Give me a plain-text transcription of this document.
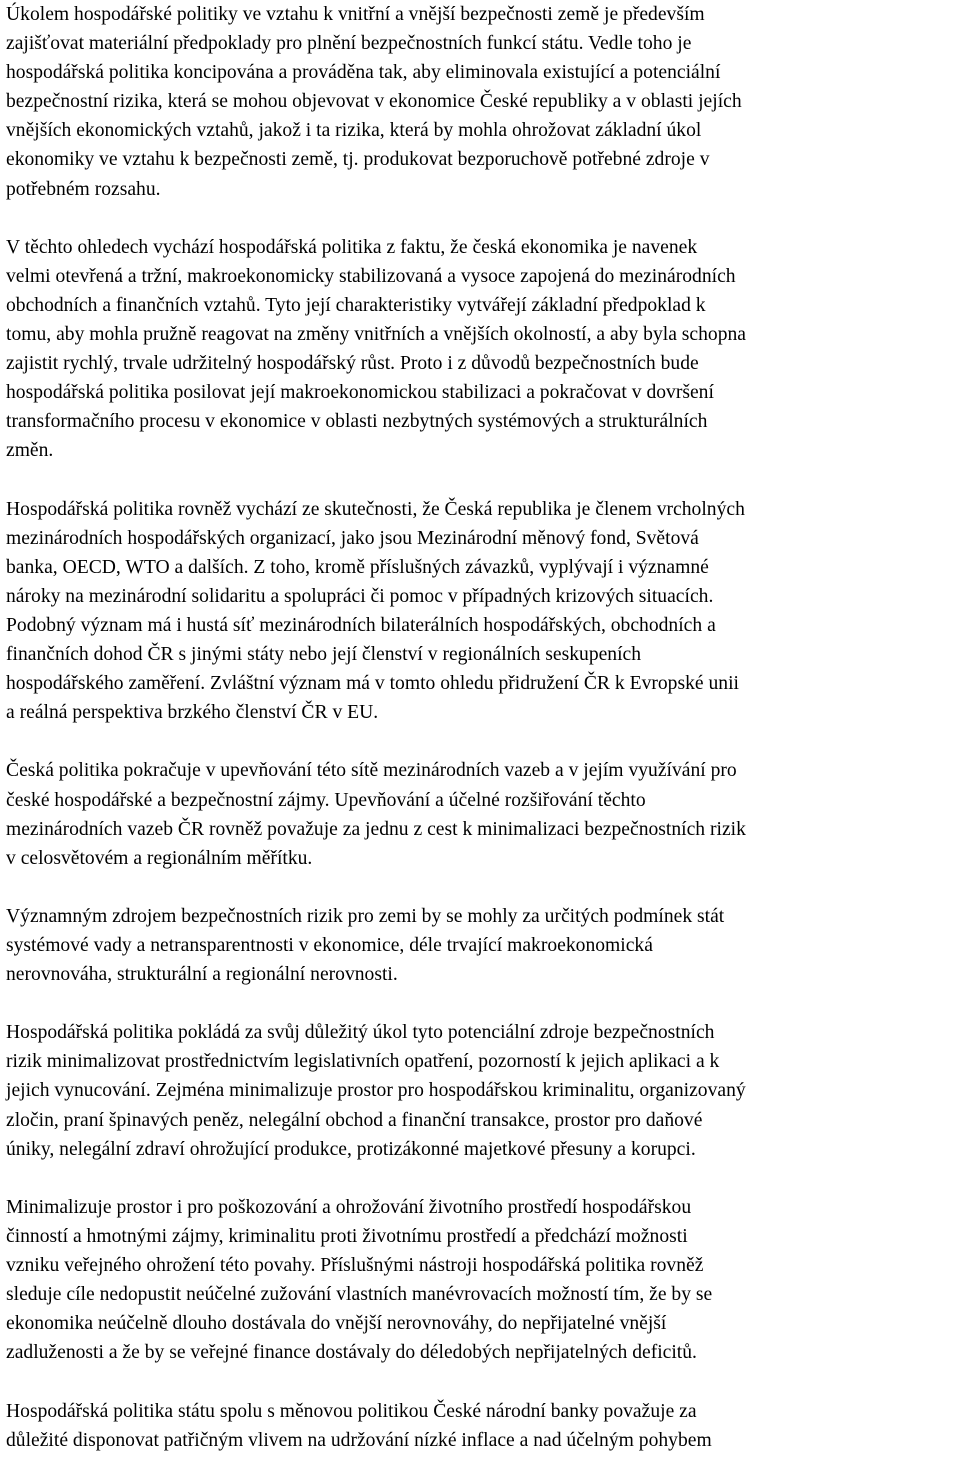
Úkolem hospodářské politiky ve vztahu k vnitřní a vnější bezpečnosti země je především
zajišťovat materiální předpoklady pro plnění bezpečnostních funkcí státu. Vedle toho je
hospodářská politika koncipována a prováděna tak, aby eliminovala existující a potenciální
bezpečnostní rizika, která se mohou objevovat v ekonomice České republiky a v oblasti jejích
vnějších ekonomických vztahů, jakož i ta rizika, která by mohla ohrožovat základní úkol
ekonomiky ve vztahu k bezpečnosti země, tj. produkovat bezporuchově potřebné zdroje v
potřebném rozsahu.
V těchto ohledech vychází hospodářská politika z faktu, že česká ekonomika je navenek
velmi otevřená a tržní, makroekonomicky stabilizovaná a vysoce zapojená do mezinárodních
obchodních a finančních vztahů. Tyto její charakteristiky vytvářejí základní předpoklad k
tomu, aby mohla pružně reagovat na změny vnitřních a vnějších okolností, a aby byla schopna
zajistit rychlý, trvale udržitelný hospodářský růst. Proto i z důvodů bezpečnostních bude
hospodářská politika posilovat její makroekonomickou stabilizaci a pokračovat v dovršení
transformačního procesu v ekonomice v oblasti nezbytných systémových a strukturálních
změn.
Hospodářská politika rovněž vychází ze skutečnosti, že Česká republika je členem vrcholných
mezinárodních hospodářských organizací, jako jsou Mezinárodní měnový fond, Světová
banka, OECD, WTO a dalších. Z toho, kromě příslušných závazků, vyplývají i významné
nároky na mezinárodní solidaritu a spolupráci či pomoc v případných krizových situacích.
Podobný význam má i hustá síť mezinárodních bilaterálních hospodářských, obchodních a
finančních dohod ČR s jinými státy nebo její členství v regionálních seskupeních
hospodářského zaměření. Zvláštní význam má v tomto ohledu přidružení ČR k Evropské unii
a reálná perspektiva brzkého členství ČR v EU.
Česká politika pokračuje v upevňování této sítě mezinárodních vazeb a v jejím využívání pro
české hospodářské a bezpečnostní zájmy. Upevňování a účelné rozšiřování těchto
mezinárodních vazeb ČR rovněž považuje za jednu z cest k minimalizaci bezpečnostních rizik
v celosvětovém a regionálním měřítku.
Významným zdrojem bezpečnostních rizik pro zemi by se mohly za určitých podmínek stát
systémové vady a netransparentnosti v ekonomice, déle trvající makroekonomická
nerovnováha, strukturální a regionální nerovnosti.
Hospodářská politika pokládá za svůj důležitý úkol tyto potenciální zdroje bezpečnostních
rizik minimalizovat prostřednictvím legislativních opatření, pozorností k jejich aplikaci a k
jejich vynucování. Zejména minimalizuje prostor pro hospodářskou kriminalitu, organizovaný
zločin, praní špinavých peněz, nelegální obchod a finanční transakce, prostor pro daňové
úniky, nelegální zdraví ohrožující produkce, protizákonné majetkové přesuny a korupci.
Minimalizuje prostor i pro poškozování a ohrožování životního prostředí hospodářskou
činností a hmotnými zájmy, kriminalitu proti životnímu prostředí a předchází možnosti
vzniku veřejného ohrožení této povahy. Příslušnými nástroji hospodářská politika rovněž
sleduje cíle nedopustit neúčelné zužování vlastních manévrovacích možností tím, že by se
ekonomika neúčelně dlouho dostávala do vnější nerovnováhy, do nepřijatelné vnější
zadluženosti a že by se veřejné finance dostávaly do déledobých nepřijatelných deficitů.
Hospodářská politika státu spolu s měnovou politikou České národní banky považuje za
důležité disponovat patřičným vlivem na udržování nízké inflace a nad účelným pohybem
